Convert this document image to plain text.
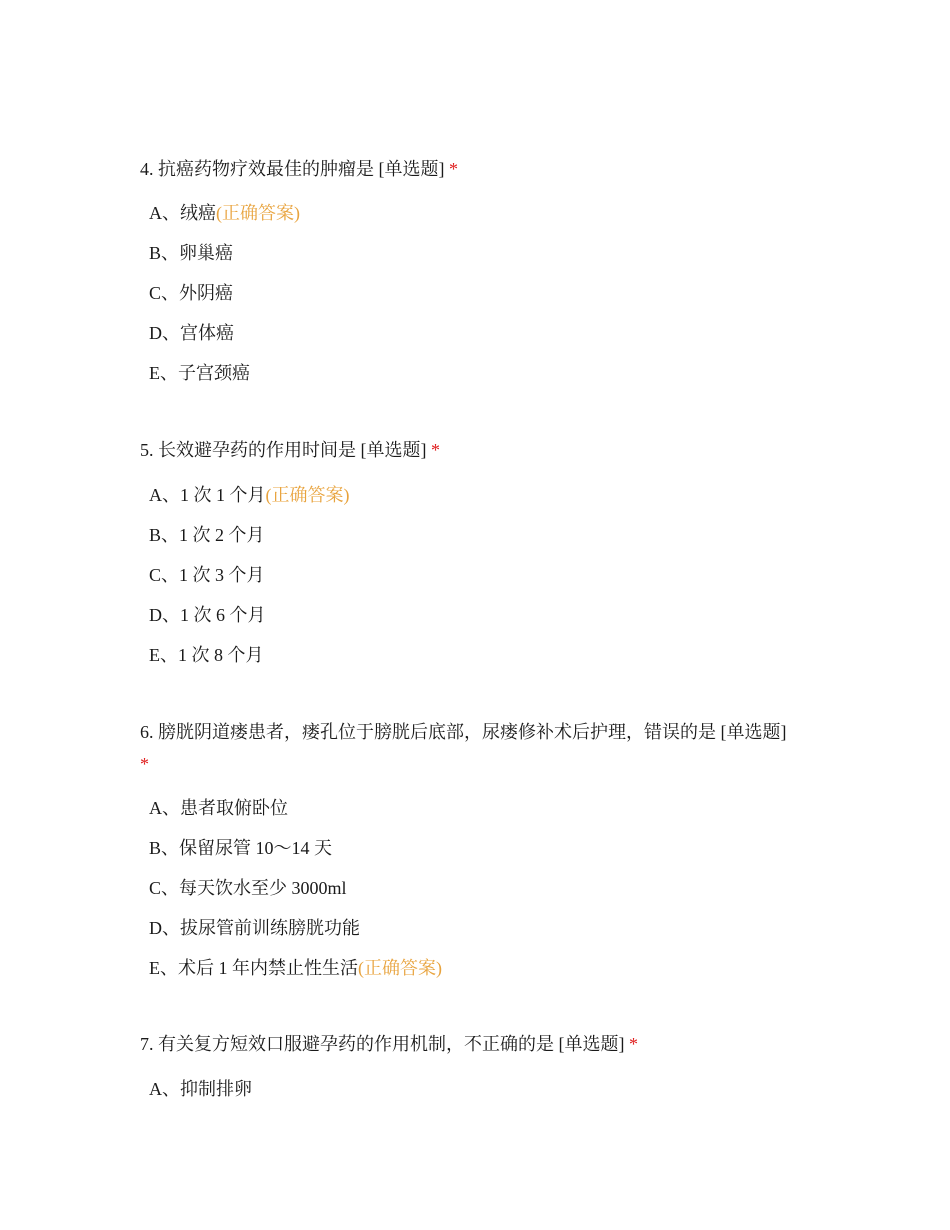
4. 抗癌药物疗效最佳的肿瘤是 [单选题] *

A、绒癌(正确答案)
B、卵巢癌
C、外阴癌
D、宫体癌
E、子宫颈癌

5. 长效避孕药的作用时间是 [单选题] *

A、1 次 1 个月(正确答案)
B、1 次 2 个月
C、1 次 3 个月
D、1 次 6 个月
E、1 次 8 个月

6. 膀胱阴道瘘患者，瘘孔位于膀胱后底部，尿瘘修补术后护理，错误的是 [单选题]
*

A、患者取俯卧位
B、保留尿管 10～14 天
C、每天饮水至少 3000ml
D、拔尿管前训练膀胱功能
E、术后 1 年内禁止性生活(正确答案)

7. 有关复方短效口服避孕药的作用机制，不正确的是 [单选题] *

A、抑制排卵
